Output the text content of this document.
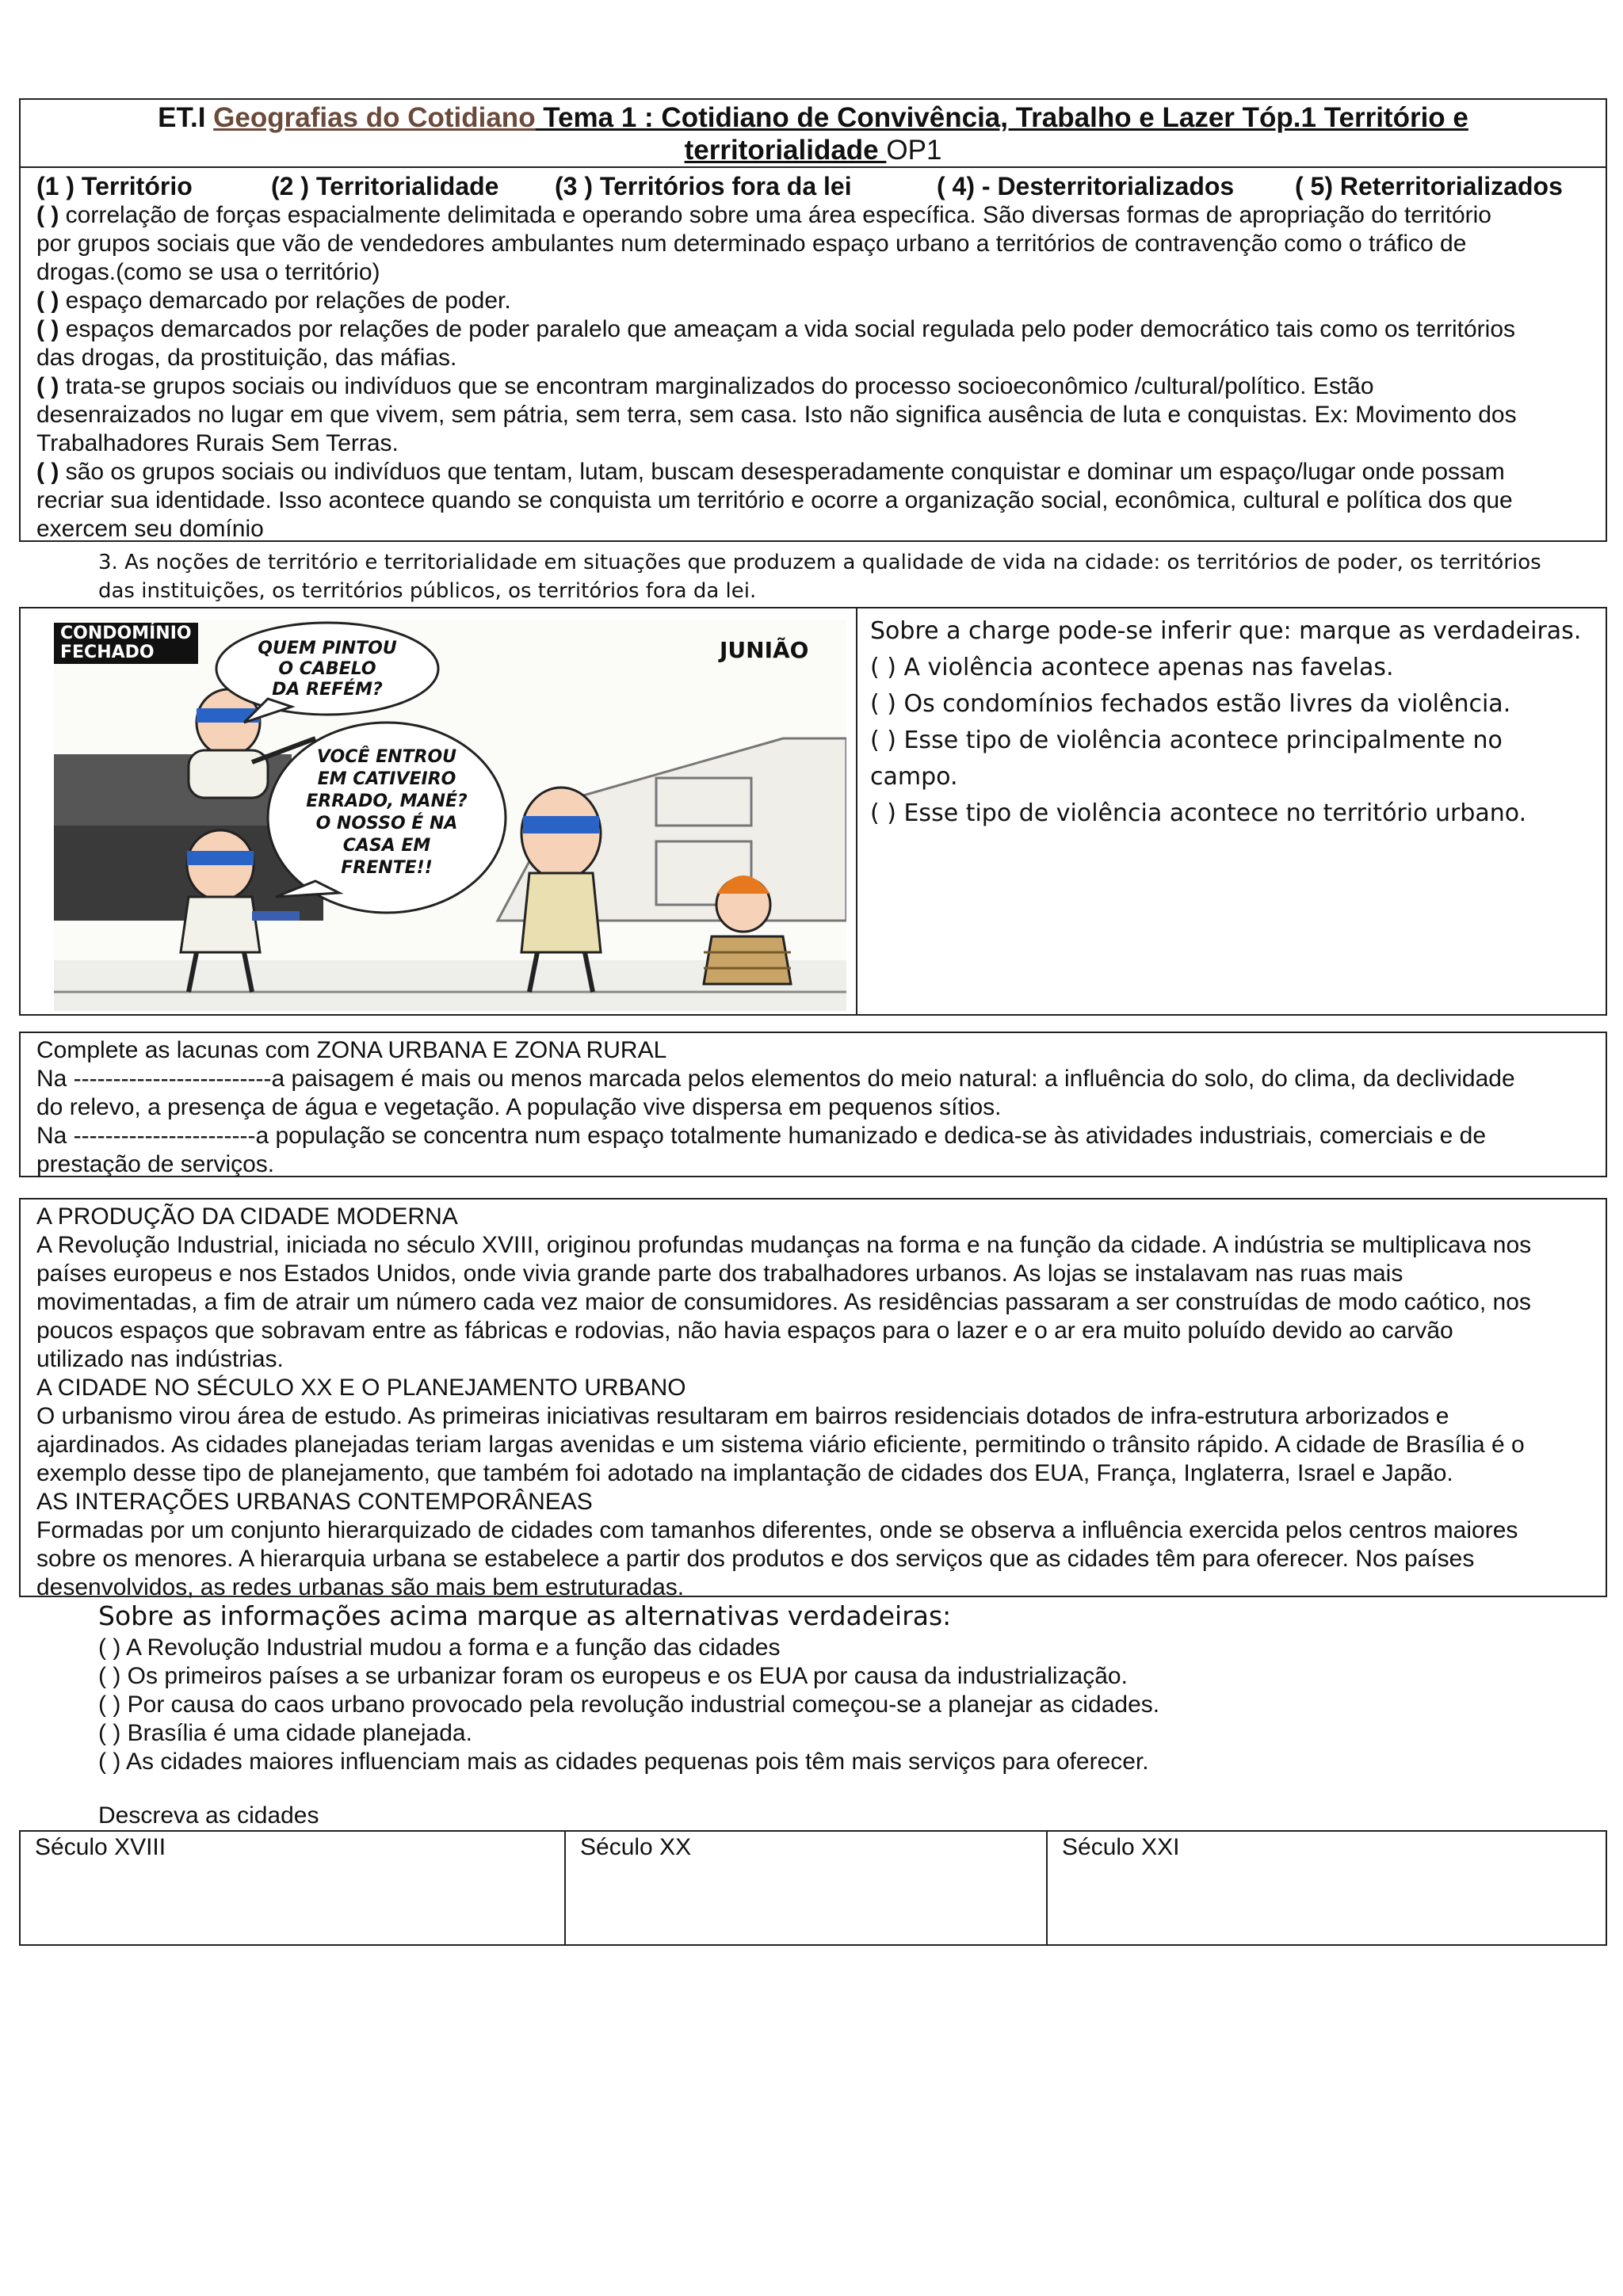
ET.I Geografias do Cotidiano Tema 1 : Cotidiano de Convivência, Trabalho e Lazer Tóp.1 Território e
territorialidade OP1
(1 ) Território	(2 ) Territorialidade (3 ) Territórios fora da lei	( 4) - Desterritorializados ( 5) Reterritorializados
( ) correlação de forças espacialmente delimitada e operando sobre uma área específica. São diversas formas de apropriação do território
por grupos sociais que vão de vendedores ambulantes num determinado espaço urbano a territórios de contravenção como o tráfico de
drogas.(como se usa o território)
( ) espaço demarcado por relações de poder.
( ) espaços demarcados por relações de poder paralelo que ameaçam a vida social regulada pelo poder democrático tais como os territórios
das drogas, da prostituição, das máfias.
( ) trata-se grupos sociais ou indivíduos que se encontram marginalizados do processo socioeconômico /cultural/político. Estão
desenraizados no lugar em que vivem, sem pátria, sem terra, sem casa. Isto não significa ausência de luta e conquistas. Ex: Movimento dos
Trabalhadores Rurais Sem Terras.
( ) são os grupos sociais ou indivíduos que tentam, lutam, buscam desesperadamente conquistar e dominar um espaço/lugar onde possam
recriar sua identidade. Isso acontece quando se conquista um território e ocorre a organização social, econômica, cultural e política dos que
exercem seu domínio
3. As noções de território e territorialidade em situações que produzem a qualidade de vida na cidade: os territórios de poder, os territórios
das instituições, os territórios públicos, os territórios fora da lei.
CONDOMÍNIO
FECHADO	JUNIÃO
QUEM PINTOU
O CABELO
DA REFÉM?
VOCÊ ENTROU
EM CATIVEIRO
ERRADO, MANÉ?
O NOSSO É NA
CASA EM
FRENTE!!
Sobre a charge pode-se inferir que: marque as verdadeiras.
( ) A violência acontece apenas nas favelas.
( ) Os condomínios fechados estão livres da violência.
( ) Esse tipo de violência acontece principalmente no
campo.
( ) Esse tipo de violência acontece no território urbano.
Complete as lacunas com ZONA URBANA E ZONA RURAL
Na -------------------------a paisagem é mais ou menos marcada pelos elementos do meio natural: a influência do solo, do clima, da declividade
do relevo, a presença de água e vegetação. A população vive dispersa em pequenos sítios.
Na -----------------------a população se concentra num espaço totalmente humanizado e dedica-se às atividades industriais, comerciais e de
prestação de serviços.
A PRODUÇÃO DA CIDADE MODERNA
A Revolução Industrial, iniciada no século XVIII, originou profundas mudanças na forma e na função da cidade. A indústria se multiplicava nos
países europeus e nos Estados Unidos, onde vivia grande parte dos trabalhadores urbanos. As lojas se instalavam nas ruas mais
movimentadas, a fim de atrair um número cada vez maior de consumidores. As residências passaram a ser construídas de modo caótico, nos
poucos espaços que sobravam entre as fábricas e rodovias, não havia espaços para o lazer e o ar era muito poluído devido ao carvão
utilizado nas indústrias.
A CIDADE NO SÉCULO XX E O PLANEJAMENTO URBANO
O urbanismo virou área de estudo. As primeiras iniciativas resultaram em bairros residenciais dotados de infra-estrutura arborizados e
ajardinados. As cidades planejadas teriam largas avenidas e um sistema viário eficiente, permitindo o trânsito rápido. A cidade de Brasília é o
exemplo desse tipo de planejamento, que também foi adotado na implantação de cidades dos EUA, França, Inglaterra, Israel e Japão.
AS INTERAÇÕES URBANAS CONTEMPORÂNEAS
Formadas por um conjunto hierarquizado de cidades com tamanhos diferentes, onde se observa a influência exercida pelos centros maiores
sobre os menores. A hierarquia urbana se estabelece a partir dos produtos e dos serviços que as cidades têm para oferecer. Nos países
desenvolvidos, as redes urbanas são mais bem estruturadas.
Sobre as informações acima marque as alternativas verdadeiras:
( ) A Revolução Industrial mudou a forma e a função das cidades
( ) Os primeiros países a se urbanizar foram os europeus e os EUA por causa da industrialização.
( ) Por causa do caos urbano provocado pela revolução industrial começou-se a planejar as cidades.
( ) Brasília é uma cidade planejada.
( ) As cidades maiores influenciam mais as cidades pequenas pois têm mais serviços para oferecer.
Descreva as cidades
Século XVIII	Século XX	Século XXI
